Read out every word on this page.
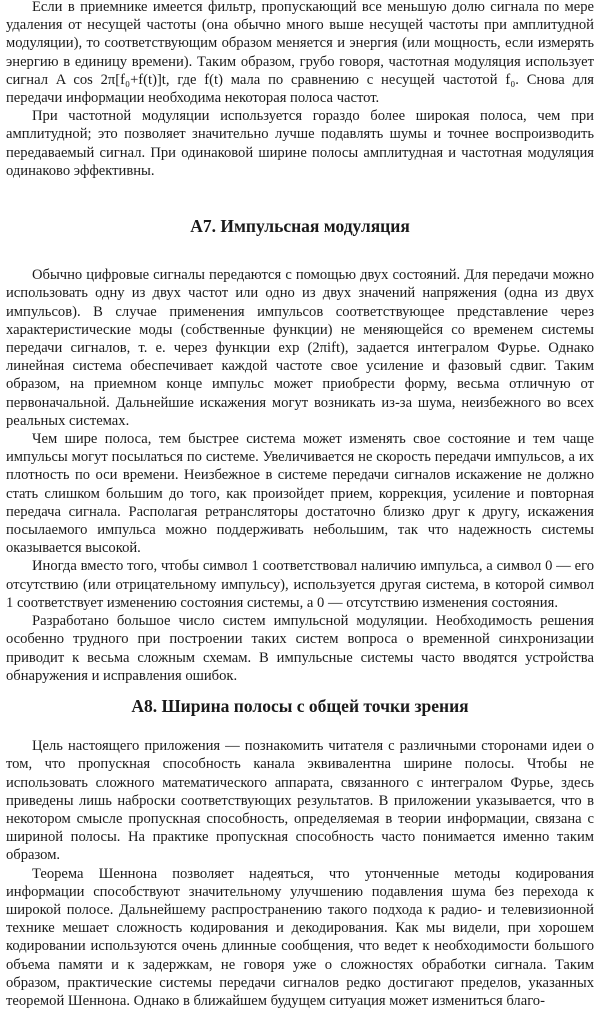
Если в приемнике имеется фильтр, пропускающий все меньшую долю сигнала по мере удаления от несущей частоты (она обычно много выше несущей частоты при амплитудной модуляции), то соответствующим образом меняется и энергия (или мощность, если измерять энергию в единицу времени). Таким образом, грубо говоря, частотная модуляция использует сигнал A cos 2π[f₀+f(t)]t, где f(t) мала по сравнению с несущей частотой f₀. Снова для передачи информации необходима некоторая полоса частот.

При частотной модуляции используется гораздо более широкая полоса, чем при амплитудной; это позволяет значительно лучше подавлять шумы и точнее воспроизводить передаваемый сигнал. При одинаковой ширине полосы амплитудная и частотная модуляция одинаково эффективны.

А7. Импульсная модуляция

Обычно цифровые сигналы передаются с помощью двух состояний. Для передачи можно использовать одну из двух частот или одно из двух значений напряжения (одна из двух импульсов). В случае применения импульсов соответствующее представление через характеристические моды (собственные функции) не меняющейся со временем системы передачи сигналов, т. е. через функции exp (2πift), задается интегралом Фурье. Однако линейная система обеспечивает каждой частоте свое усиление и фазовый сдвиг. Таким образом, на приемном конце импульс может приобрести форму, весьма отличную от первоначальной. Дальнейшие искажения могут возникать из-за шума, неизбежного во всех реальных системах.

Чем шире полоса, тем быстрее система может изменять свое состояние и тем чаще импульсы могут посылаться по системе. Увеличивается не скорость передачи импульсов, а их плотность по оси времени. Неизбежное в системе передачи сигналов искажение не должно стать слишком большим до того, как произойдет прием, коррекция, усиление и повторная передача сигнала. Располагая ретрансляторы достаточно близко друг к другу, искажения посылаемого импульса можно поддерживать небольшим, так что надежность системы оказывается высокой.

Иногда вместо того, чтобы символ 1 соответствовал наличию импульса, а символ 0 — его отсутствию (или отрицательному импульсу), используется другая система, в которой символ 1 соответствует изменению состояния системы, а 0 — отсутствию изменения состояния.

Разработано большое число систем импульсной модуляции. Необходимость решения особенно трудного при построении таких систем вопроса о временной синхронизации приводит к весьма сложным схемам. В импульсные системы часто вводятся устройства обнаружения и исправления ошибок.

А8. Ширина полосы с общей точки зрения

Цель настоящего приложения — познакомить читателя с различными сторонами идеи о том, что пропускная способность канала эквивалентна ширине полосы. Чтобы не использовать сложного математического аппарата, связанного с интегралом Фурье, здесь приведены лишь наброски соответствующих результатов. В приложении указывается, что в некотором смысле пропускная способность, определяемая в теории информации, связана с шириной полосы. На практике пропускная способность часто понимается именно таким образом.

Теорема Шеннона позволяет надеяться, что утонченные методы кодирования информации способствуют значительному улучшению подавления шума без перехода к широкой полосе. Дальнейшему распространению такого подхода к радио- и телевизионной технике мешает сложность кодирования и декодирования. Как мы видели, при хорошем кодировании используются очень длинные сообщения, что ведет к необходимости большого объема памяти и к задержкам, не говоря уже о сложностях обработки сигнала. Таким образом, практические системы передачи сигналов редко достигают пределов, указанных теоремой Шеннона. Однако в ближайшем будущем ситуация может измениться благо-
